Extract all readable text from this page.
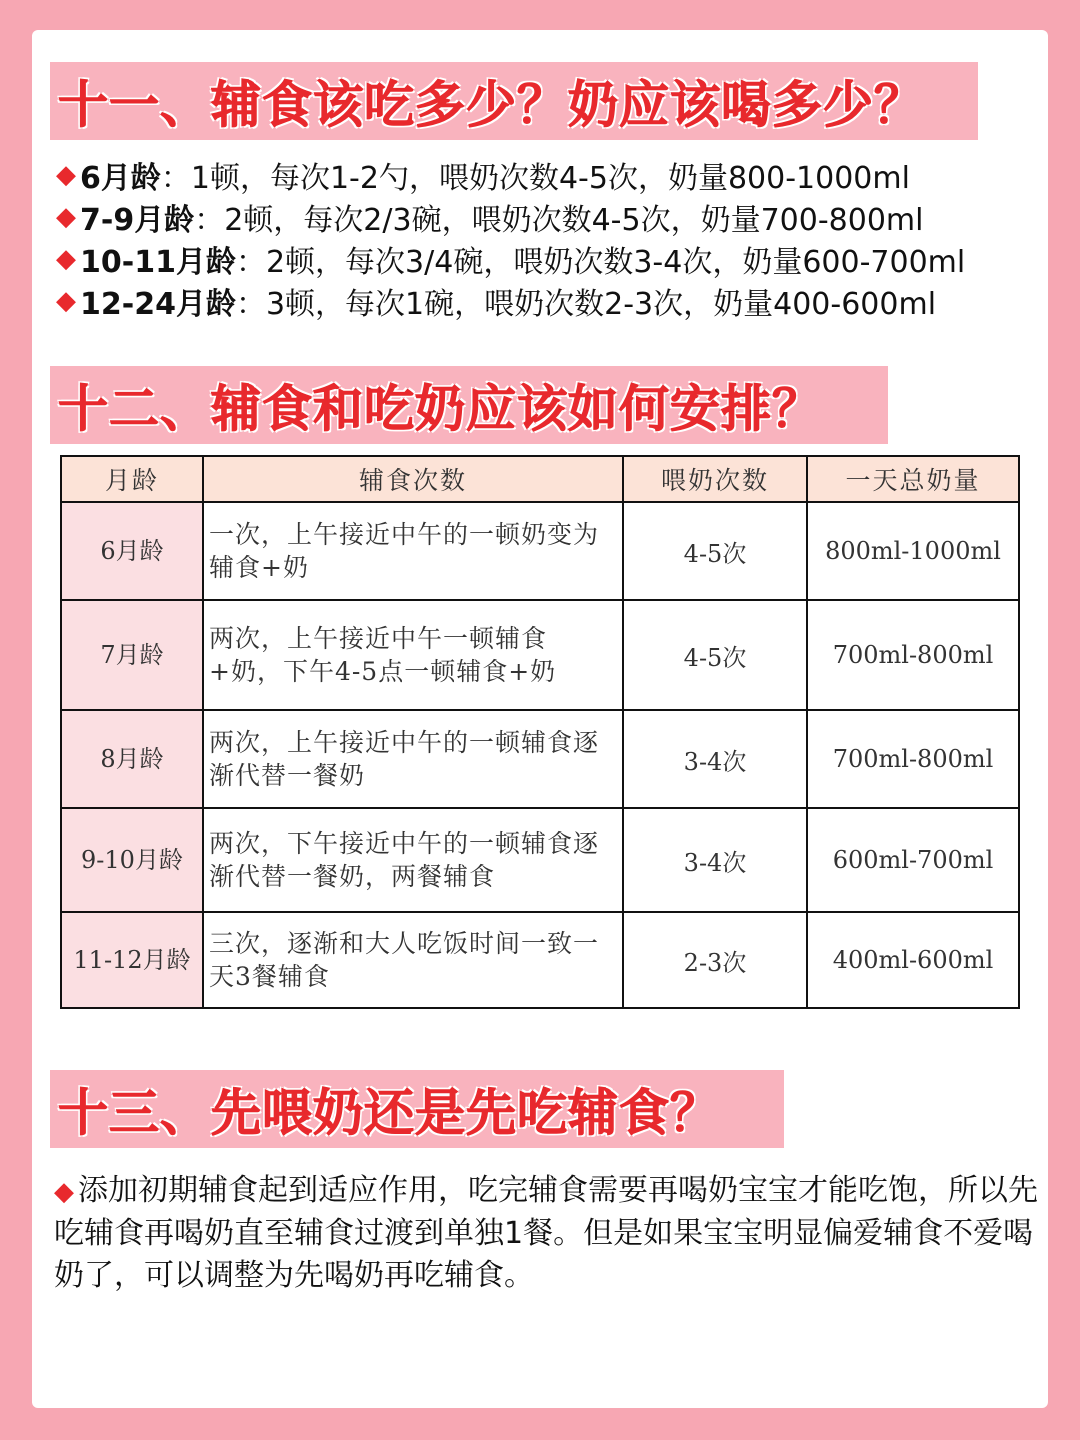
十一、辅食该吃多少？奶应该喝多少？
◆ 6月龄 ：1顿，每次1-2勺，喂奶次数4-5次，奶量800-1000ml
◆ 7-9月龄 ：2顿，每次2/3碗，喂奶次数4-5次，奶量700-800ml
◆ 10-11月龄 ：2顿，每次3/4碗，喂奶次数3-4次，奶量600-700ml
◆ 12-24月龄 ：3顿，每次1碗，喂奶次数2-3次，奶量400-600ml
十二、辅食和吃奶应该如何安排？
月龄	辅食次数	喂奶次数	一天总奶量
6月龄	一次，上午接近中午的一顿奶变为辅食+奶	4-5次	800ml-1000ml
7月龄	两次，上午接近中午一顿辅食+奶，下午4-5点一顿辅食+奶	4-5次	700ml-800ml
8月龄	两次，上午接近中午的一顿辅食逐渐代替一餐奶	3-4次	700ml-800ml
9-10月龄	两次，下午接近中午的一顿辅食逐渐代替一餐奶，两餐辅食	3-4次	600ml-700ml
11-12月龄	三次，逐渐和大人吃饭时间一致一天3餐辅食	2-3次	400ml-600ml
十三、先喂奶还是先吃辅食？
◆ 添加初期辅食起到适应作用，吃完辅食需要再喝奶宝宝才能吃饱，所以先吃辅食再喝奶直至辅食过渡到单独1餐。但是如果宝宝明显偏爱辅食不爱喝奶了，可以调整为先喝奶再吃辅食。
